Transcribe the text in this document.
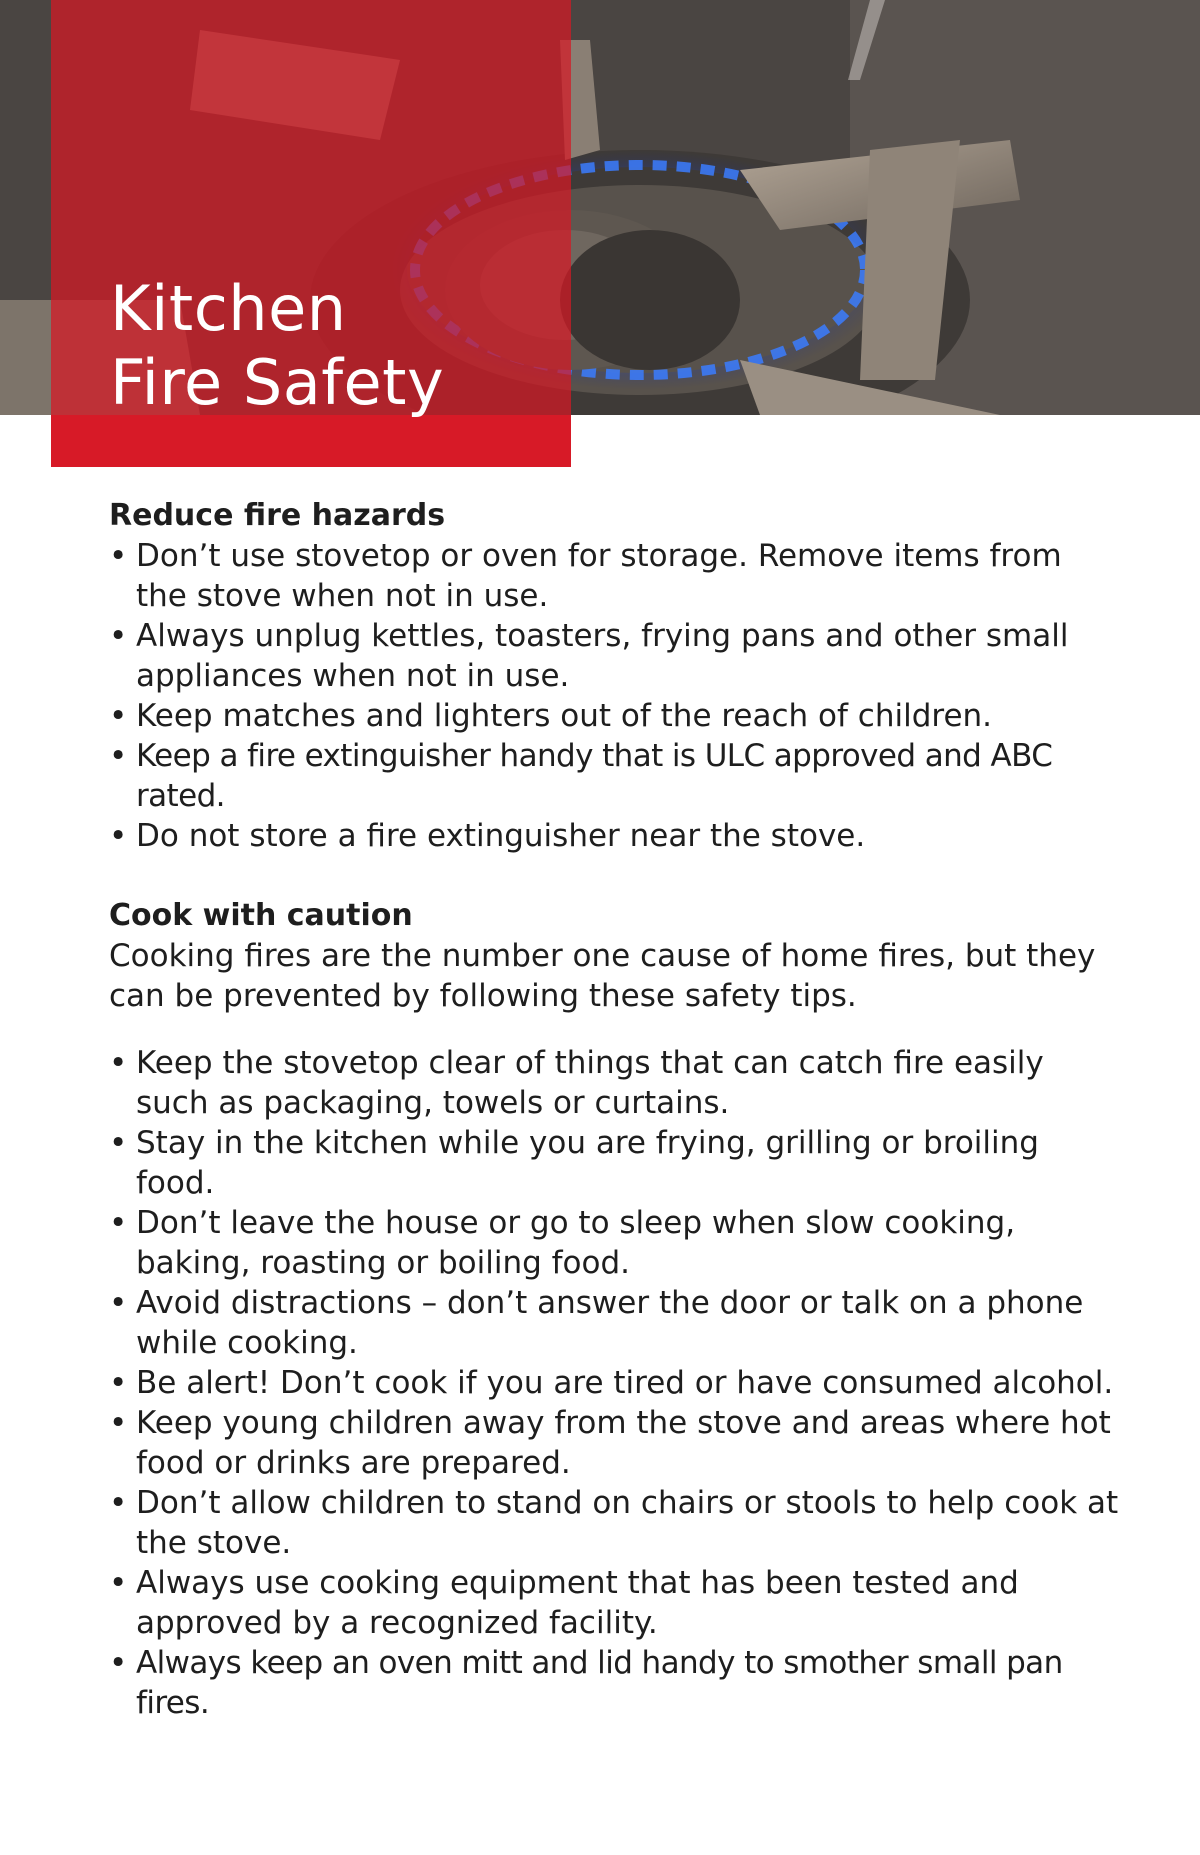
Kitchen
Fire Safety
Reduce fire hazards
• Don’t use stovetop or oven for storage. Remove items from the stove when not in use.
• Always unplug kettles, toasters, frying pans and other small appliances when not in use.
• Keep matches and lighters out of the reach of children.
• Keep a fire extinguisher handy that is ULC approved and ABC rated.
• Do not store a fire extinguisher near the stove.
Cook with caution

Cooking fires are the number one cause of home fires, but they can be prevented by following these safety tips.

• Keep the stovetop clear of things that can catch fire easily such as packaging, towels or curtains.
• Stay in the kitchen while you are frying, grilling or broiling food.
• Don’t leave the house or go to sleep when slow cooking, baking, roasting or boiling food.
• Avoid distractions – don’t answer the door or talk on a phone while cooking.
• Be alert! Don’t cook if you are tired or have consumed alcohol.
• Keep young children away from the stove and areas where hot food or drinks are prepared.
• Don’t allow children to stand on chairs or stools to help cook at the stove.
• Always use cooking equipment that has been tested and approved by a recognized facility.
• Always keep an oven mitt and lid handy to smother small pan fires.
